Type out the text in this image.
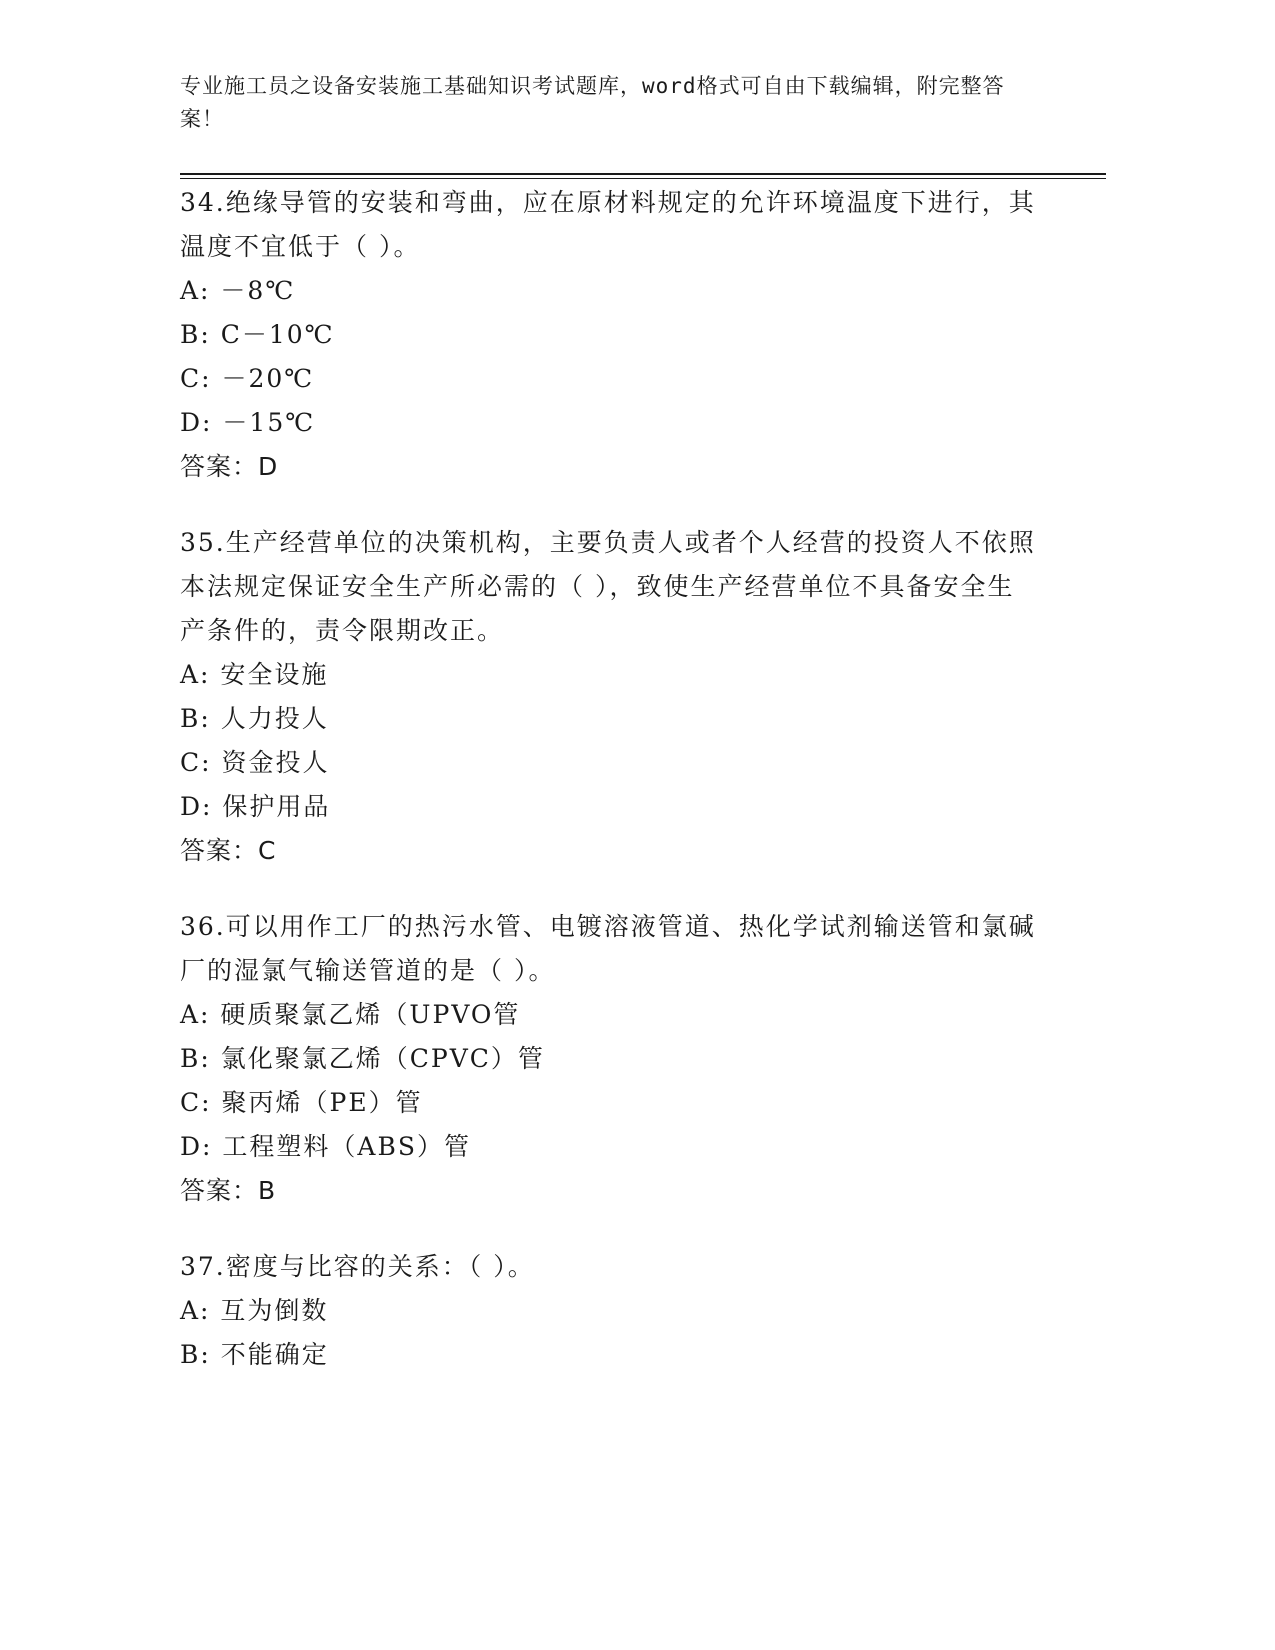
专业施工员之设备安装施工基础知识考试题库，word格式可自由下载编辑，附完整答案！
34.绝缘导管的安装和弯曲，应在原材料规定的允许环境温度下进行，其温度不宜低于（ ）。
A: －8℃
B: C－10℃
C: －20℃
D: －15℃
答案：D
35.生产经营单位的决策机构，主要负责人或者个人经营的投资人不依照本法规定保证安全生产所必需的（ ），致使生产经营单位不具备安全生产条件的，责令限期改正。
A: 安全设施
B: 人力投人
C: 资金投人
D: 保护用品
答案：C
36.可以用作工厂的热污水管、电镀溶液管道、热化学试剂输送管和氯碱厂的湿氯气输送管道的是（ ）。
A: 硬质聚氯乙烯（UPVO管
B: 氯化聚氯乙烯（CPVC）管
C: 聚丙烯（PE）管
D: 工程塑料（ABS）管
答案：B
37.密度与比容的关系：（ ）。
A: 互为倒数
B: 不能确定
